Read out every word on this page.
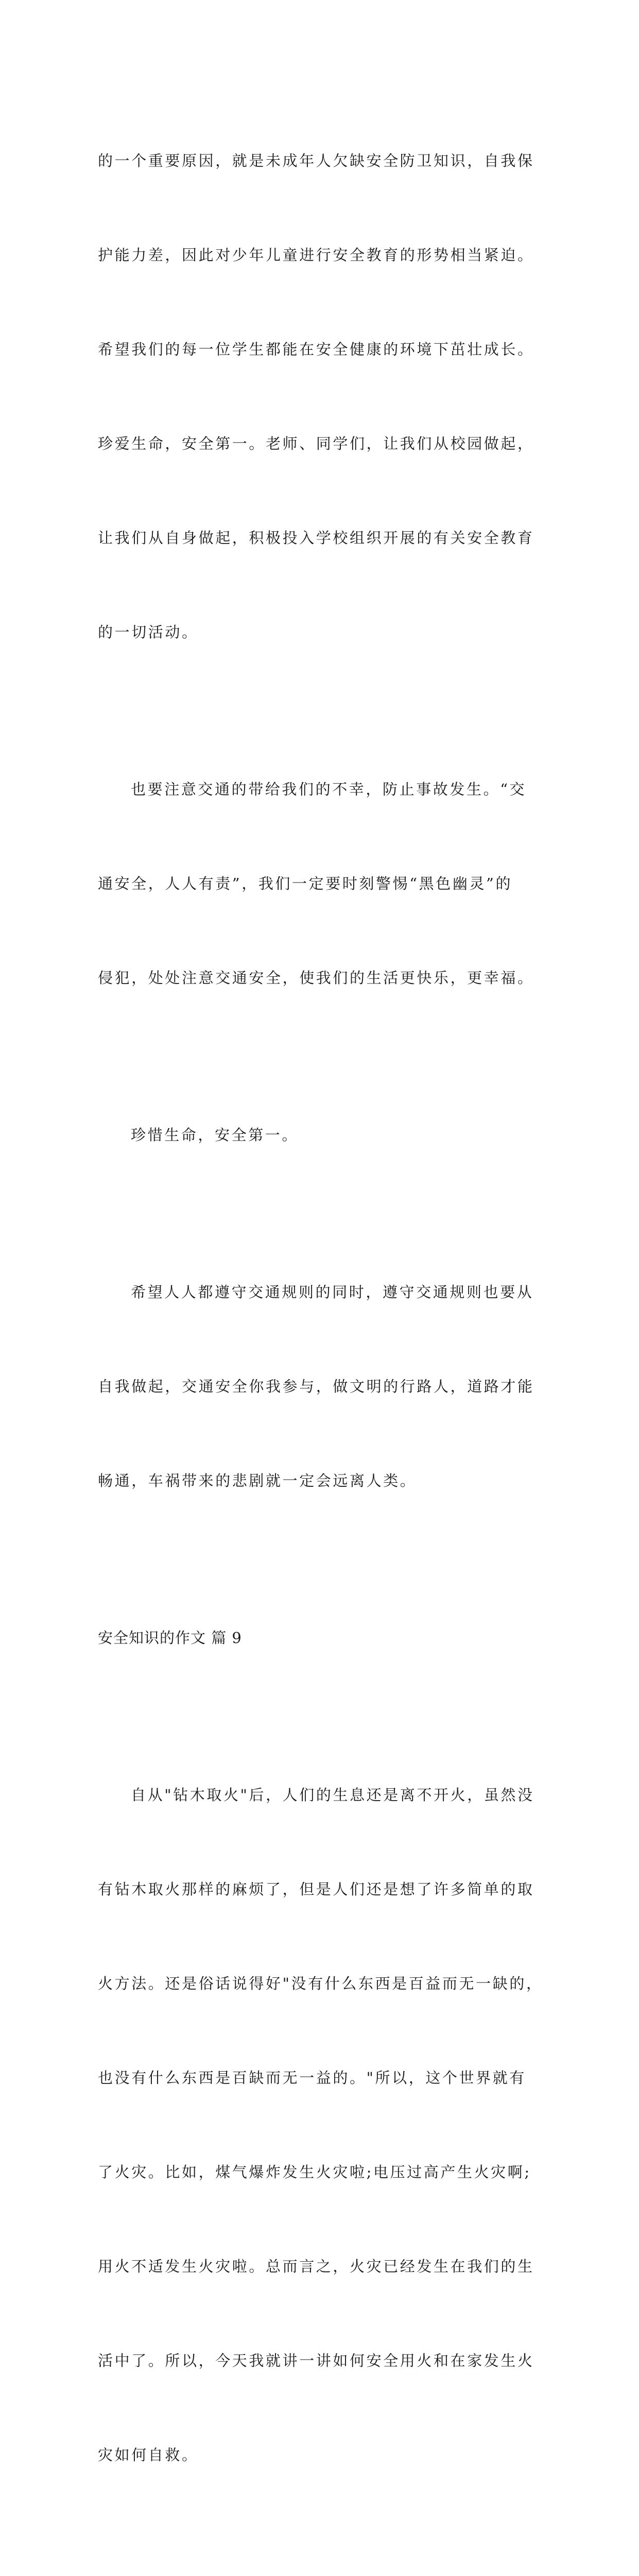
的一个重要原因，就是未成年人欠缺安全防卫知识，自我保

护能力差，因此对少年儿童进行安全教育的形势相当紧迫。

希望我们的每一位学生都能在安全健康的环境下茁壮成长。

珍爱生命，安全第一。老师、同学们，让我们从校园做起，

让我们从自身做起，积极投入学校组织开展的有关安全教育

的一切活动。

也要注意交通的带给我们的不幸，防止事故发生。“交

通安全，人人有责”，我们一定要时刻警惕“黑色幽灵”的

侵犯，处处注意交通安全，使我们的生活更快乐，更幸福。

珍惜生命，安全第一。

希望人人都遵守交通规则的同时，遵守交通规则也要从

自我做起，交通安全你我参与，做文明的行路人，道路才能

畅通，车祸带来的悲剧就一定会远离人类。

安全知识的作文 篇 9

自从"钻木取火"后，人们的生息还是离不开火，虽然没

有钻木取火那样的麻烦了，但是人们还是想了许多简单的取

火方法。还是俗话说得好"没有什么东西是百益而无一缺的，

也没有什么东西是百缺而无一益的。"所以，这个世界就有

了火灾。比如，煤气爆炸发生火灾啦;电压过高产生火灾啊;

用火不适发生火灾啦。总而言之，火灾已经发生在我们的生

活中了。所以，今天我就讲一讲如何安全用火和在家发生火

灾如何自救。
